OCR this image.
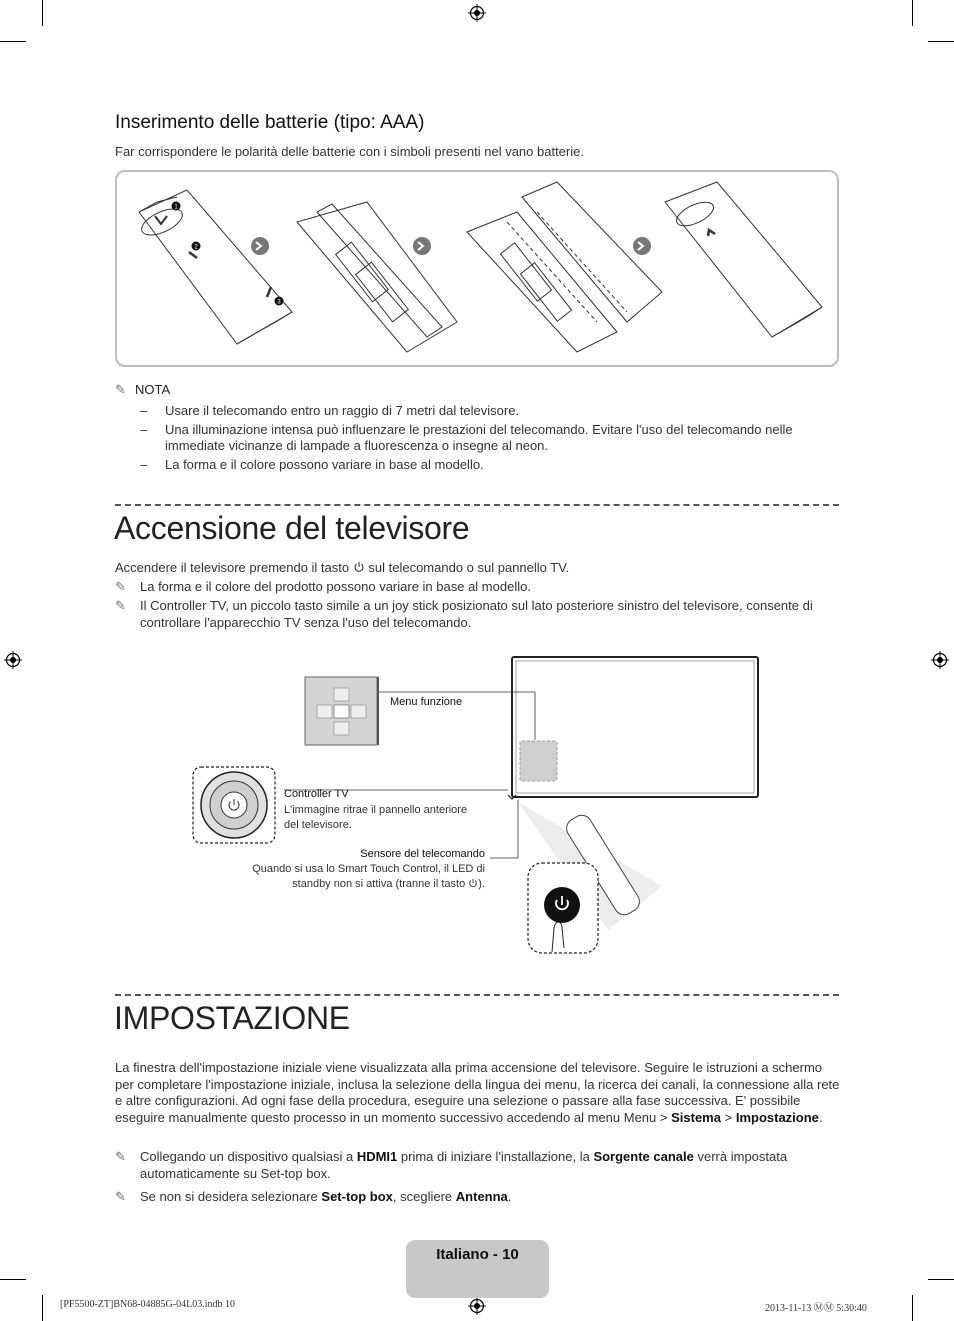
Inserimento delle batterie (tipo: AAA)
Far corrispondere le polarità delle batterie con i simboli presenti nel vano batterie.
1
2
3
✎ NOTA
– Usare il telecomando entro un raggio di 7 metri dal televisore.
– Una illuminazione intensa può influenzare le prestazioni del telecomando. Evitare l'uso del telecomando nelle immediate vicinanze di lampade a fluorescenza o insegne al neon.
– La forma e il colore possono variare in base al modello.
Accensione del televisore
Accendere il televisore premendo il tasto sul telecomando o sul pannello TV.
✎	La forma e il colore del prodotto possono variare in base al modello.
✎	Il Controller TV, un piccolo tasto simile a un joy stick posizionato sul lato posteriore sinistro del televisore, consente di controllare l'apparecchio TV senza l'uso del telecomando.
Menu funzione
Controller TV
L'immagine ritrae il pannello anteriore del televisore.
Sensore del telecomando
Quando si usa lo Smart Touch Control, il LED di standby non si attiva (tranne il tasto ).
IMPOSTAZIONE
La finestra dell'impostazione iniziale viene visualizzata alla prima accensione del televisore. Seguire le istruzioni a schermo per completare l'impostazione iniziale, inclusa la selezione della lingua dei menu, la ricerca dei canali, la connessione alla rete e altre configurazioni. Ad ogni fase della procedura, eseguire una selezione o passare alla fase successiva. E' possibile eseguire manualmente questo processo in un momento successivo accedendo al menu Menu > Sistema > Impostazione.
✎	Collegando un dispositivo qualsiasi a HDMI1 prima di iniziare l'installazione, la Sorgente canale verrà impostata automaticamente su Set-top box.
✎	Se non si desidera selezionare Set-top box, scegliere Antenna.
Italiano - 10
[PF5500-ZT]BN68-04885G-04L03.indb 10	2013-11-13 ⓂⓂ 5:30:40
